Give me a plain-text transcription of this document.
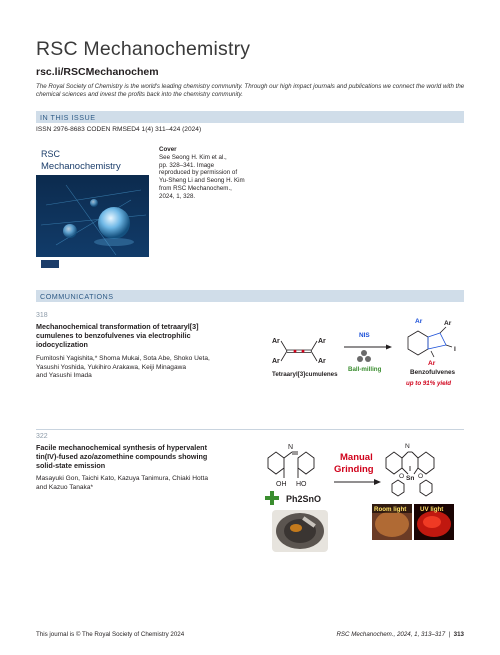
RSC Mechanochemistry
rsc.li/RSCMechanochem
The Royal Society of Chemistry is the world's leading chemistry community. Through our high impact journals and publications we connect the world with the chemical sciences and invest the profits back into the chemistry community.
IN THIS ISSUE
ISSN 2976-8683 CODEN RMSED4 1(4) 311–424 (2024)
RSC
Mechanochemistry
Cover
See Seong H. Kim et al.,
pp. 328–341. Image
reproduced by permission of
Yu-Sheng Li and Seong H. Kim
from RSC Mechanochem.,
2024, 1, 328.
COMMUNICATIONS
318
Mechanochemical transformation of tetraaryl[3]
cumulenes to benzofulvenes via electrophilic
iodocyclization
Fumitoshi Yagishita,* Shoma Mukai, Sota Abe, Shoko Ueta,
Yasushi Yoshida, Yukihiro Arakawa, Keiji Minagawa
and Yasushi Imada
Ar
Ar
Ar
Ar
Tetraaryl[3]cumulenes
NIS
Ball-milling
Ar
I
Ar
Ar
Benzofulvenes
up to 91% yield
322
Facile mechanochemical synthesis of hypervalent
tin(IV)-fused azo/azomethine compounds showing
solid-state emission
Masayuki Gon, Taichi Kato, Kazuya Tanimura, Chiaki Hotta
and Kazuo Tanaka*
N
OH HO
Ph2SnO
Manual
Grinding
N
Sn
O O
Room light UV light
This journal is © The Royal Society of Chemistry 2024	RSC Mechanochem., 2024, 1, 313–317  |  313
